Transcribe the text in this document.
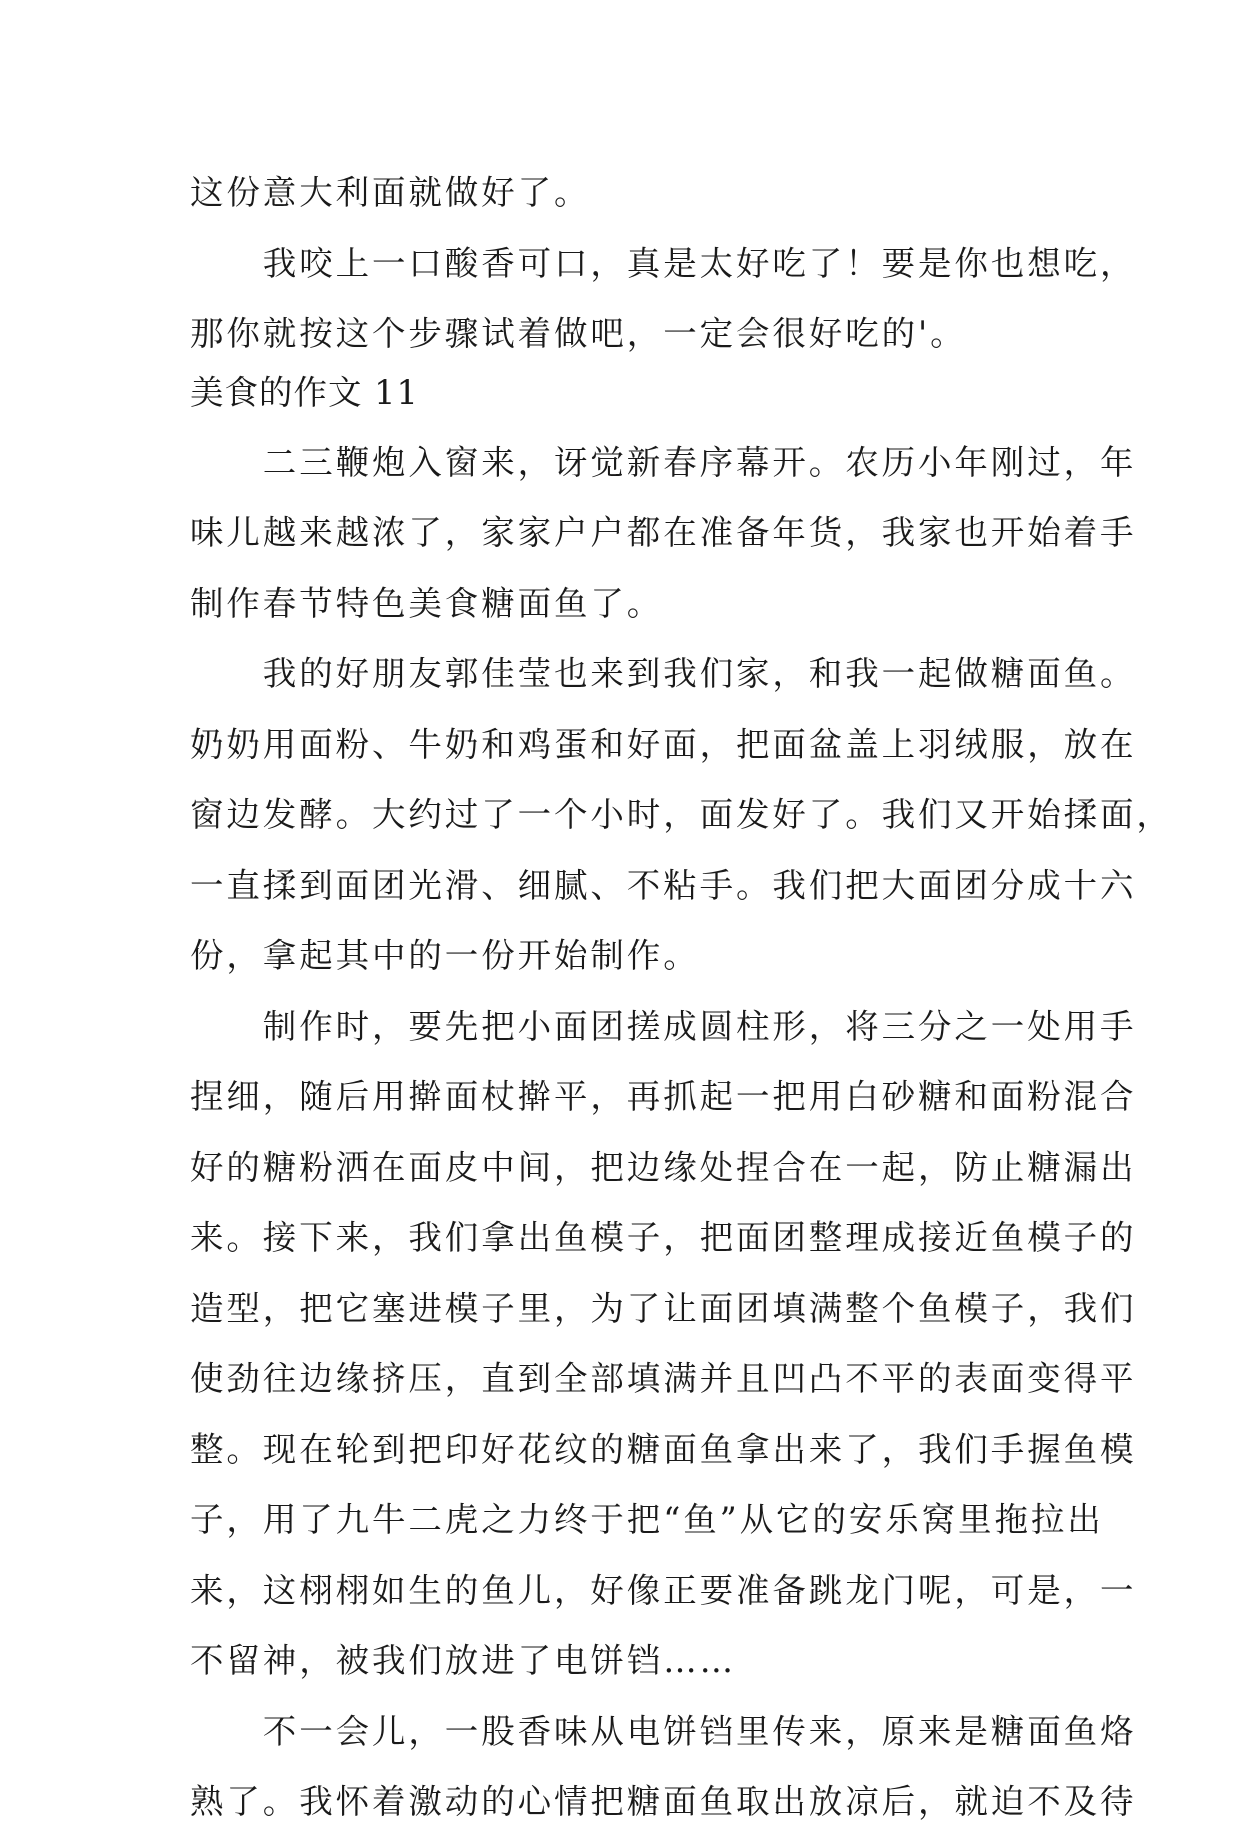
这份意大利面就做好了。
　　我咬上一口酸香可口，真是太好吃了！要是你也想吃，
那你就按这个步骤试着做吧，一定会很好吃的'。
美食的作文 11
　　二三鞭炮入窗来，讶觉新春序幕开。农历小年刚过，年
味儿越来越浓了，家家户户都在准备年货，我家也开始着手
制作春节特色美食糖面鱼了。
　　我的好朋友郭佳莹也来到我们家，和我一起做糖面鱼。
奶奶用面粉、牛奶和鸡蛋和好面，把面盆盖上羽绒服，放在
窗边发酵。大约过了一个小时，面发好了。我们又开始揉面，
一直揉到面团光滑、细腻、不粘手。我们把大面团分成十六
份，拿起其中的一份开始制作。
　　制作时，要先把小面团搓成圆柱形，将三分之一处用手
捏细，随后用擀面杖擀平，再抓起一把用白砂糖和面粉混合
好的糖粉洒在面皮中间，把边缘处捏合在一起，防止糖漏出
来。接下来，我们拿出鱼模子，把面团整理成接近鱼模子的
造型，把它塞进模子里，为了让面团填满整个鱼模子，我们
使劲往边缘挤压，直到全部填满并且凹凸不平的表面变得平
整。现在轮到把印好花纹的糖面鱼拿出来了，我们手握鱼模
子，用了九牛二虎之力终于把“鱼”从它的安乐窝里拖拉出
来，这栩栩如生的鱼儿，好像正要准备跳龙门呢，可是，一
不留神，被我们放进了电饼铛……
　　不一会儿，一股香味从电饼铛里传来，原来是糖面鱼烙
熟了。我怀着激动的心情把糖面鱼取出放凉后，就迫不及待
